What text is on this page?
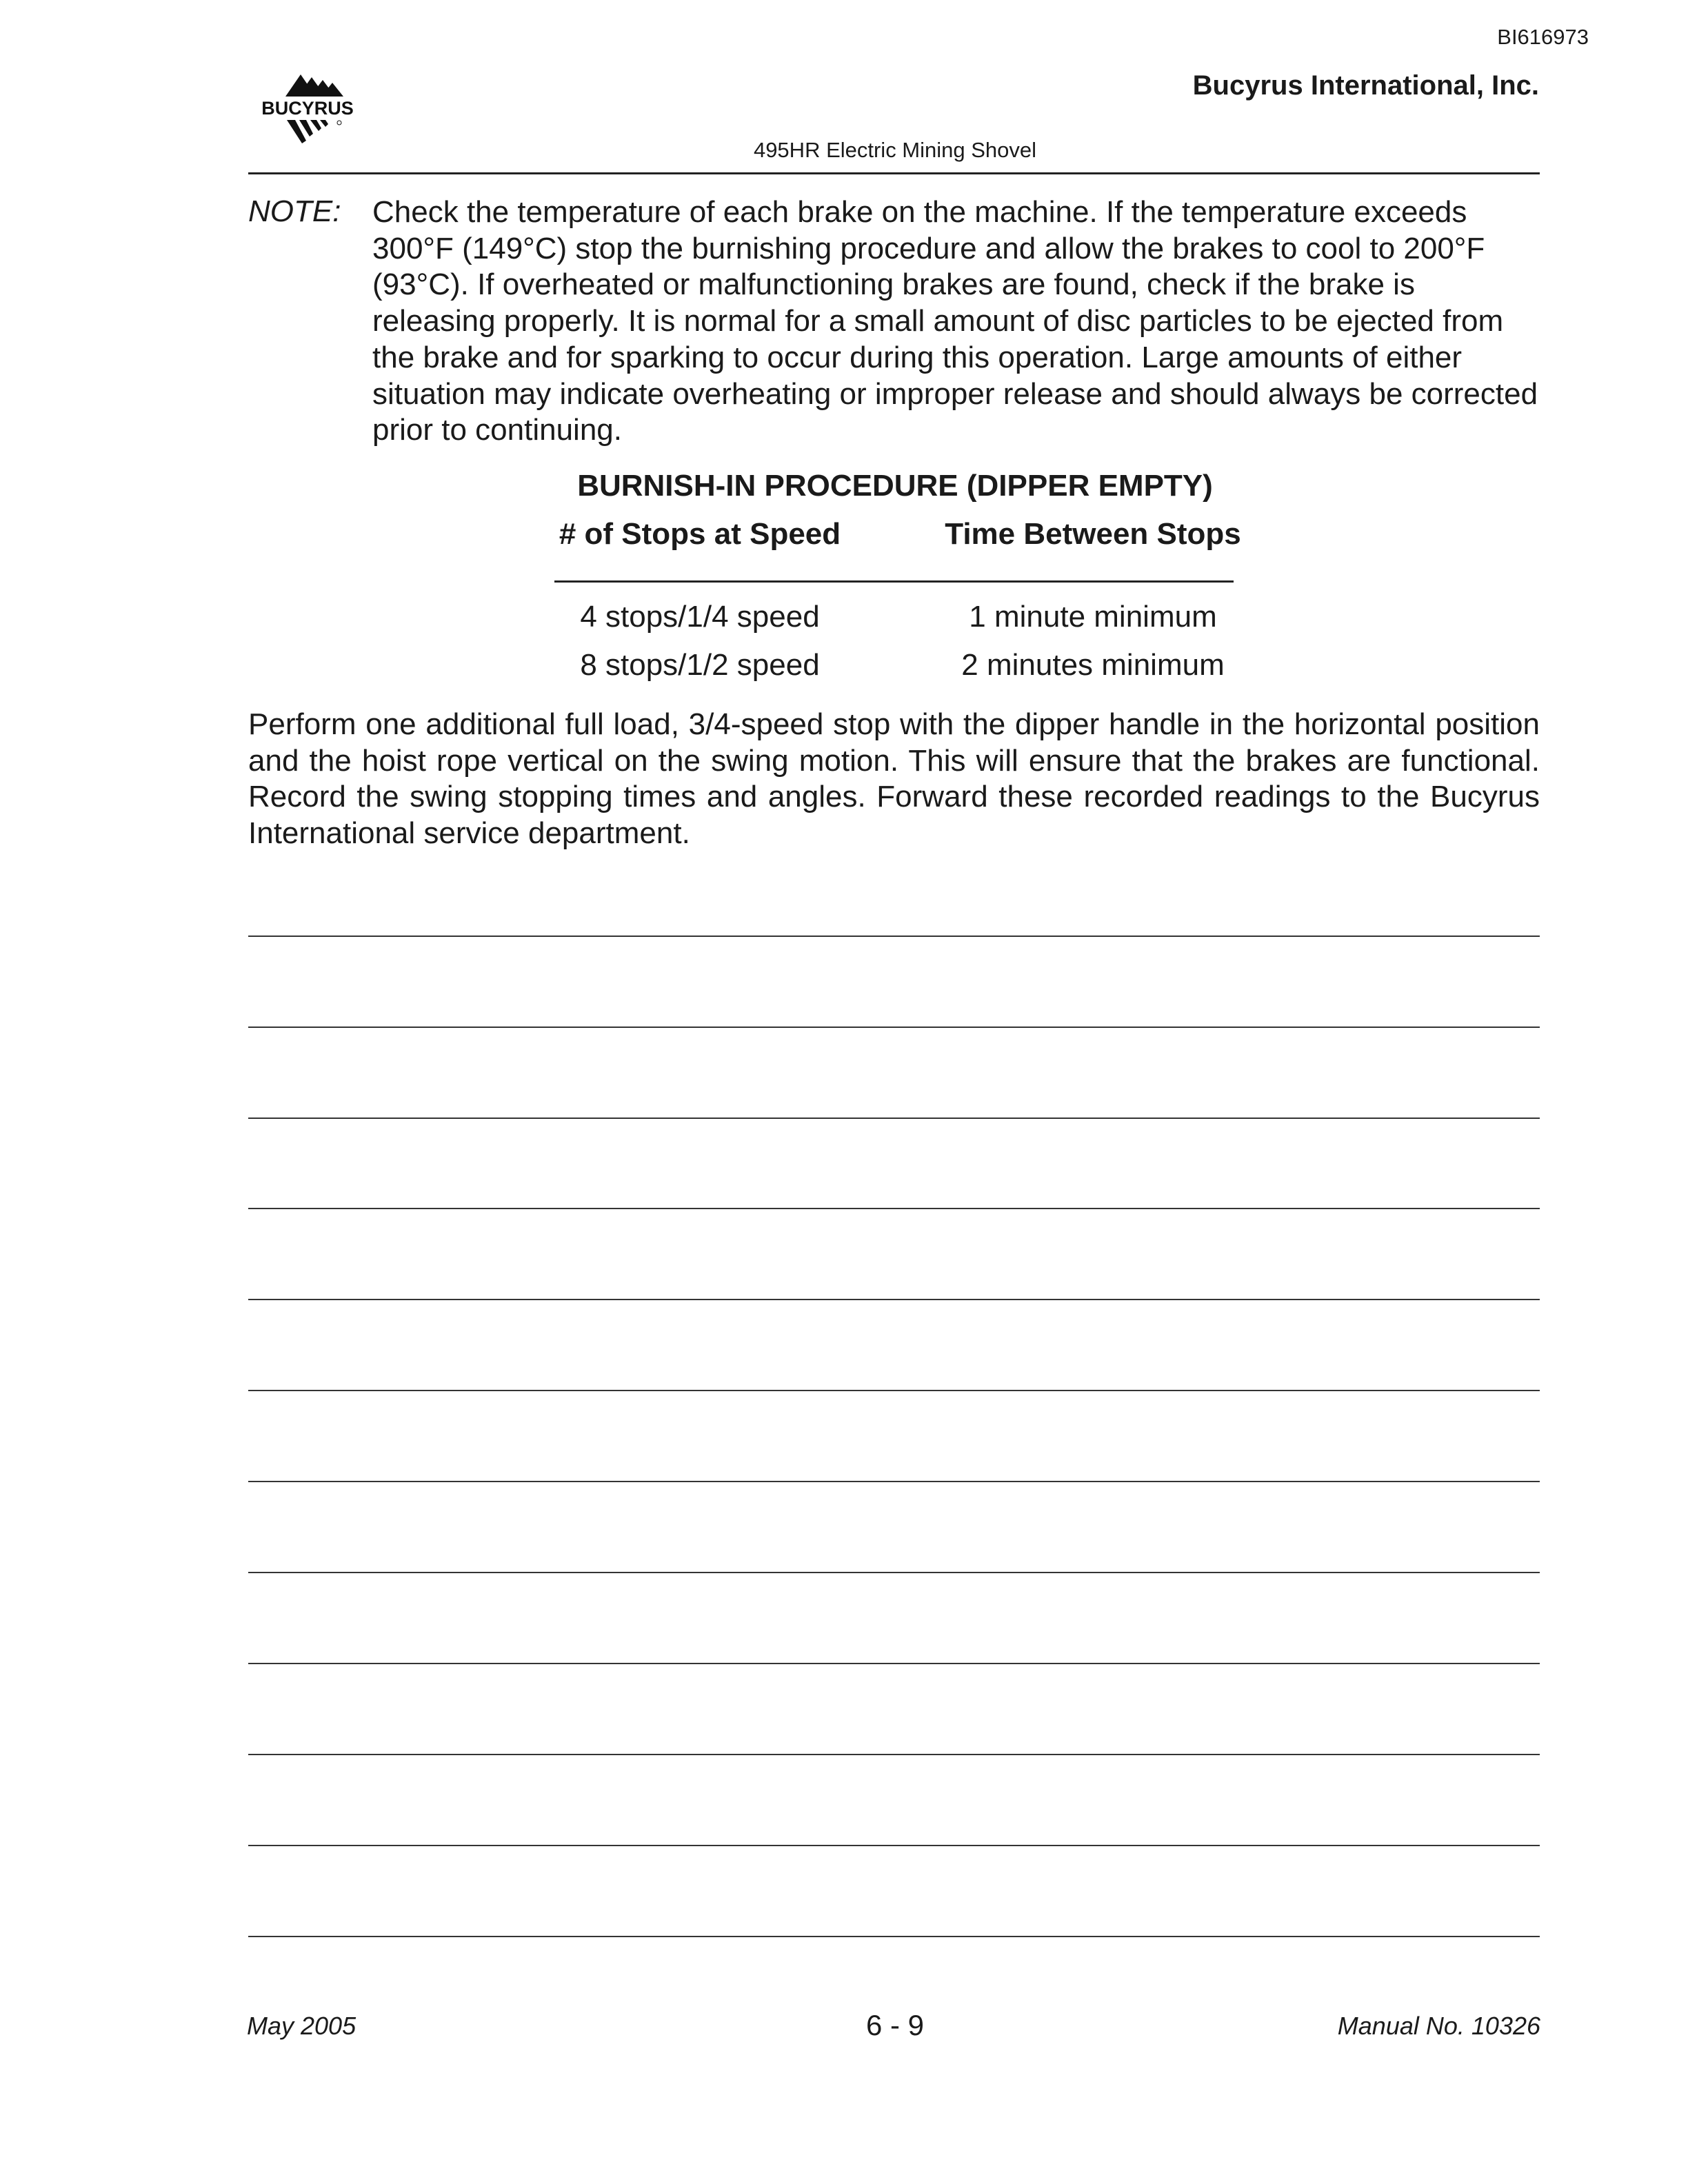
BI616973
BUCYRUS
Bucyrus International, Inc.
495HR Electric Mining Shovel
NOTE: Check the temperature of each brake on the machine. If the temperature exceeds 300°F (149°C) stop the burnishing procedure and allow the brakes to cool to 200°F (93°C). If overheated or malfunctioning brakes are found, check if the brake is releasing properly. It is normal for a small amount of disc particles to be ejected from the brake and for sparking to occur during this operation. Large amounts of either situation may indicate overheating or improper release and should always be corrected prior to continuing.
BURNISH-IN PROCEDURE (DIPPER EMPTY)
# of Stops at Speed	Time Between Stops
4 stops/1/4 speed	1 minute minimum
8 stops/1/2 speed	2 minutes minimum
Perform one additional full load, 3/4-speed stop with the dipper handle in the horizontal position and the hoist rope vertical on the swing motion. This will ensure that the brakes are functional. Record the swing stopping times and angles. Forward these recorded readings to the Bucyrus International service department.
May 2005	6 - 9	Manual No. 10326
